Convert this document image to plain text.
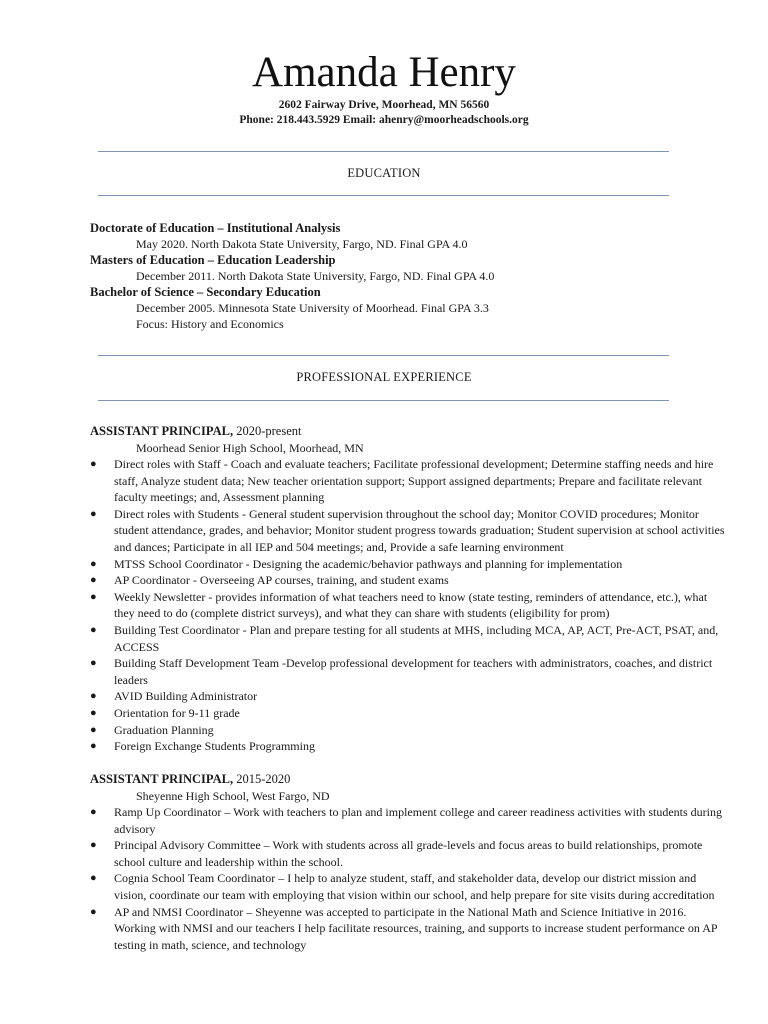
Amanda Henry
2602 Fairway Drive, Moorhead, MN 56560
Phone: 218.443.5929 Email: ahenry@moorheadschools.org
EDUCATION
Doctorate of Education – Institutional Analysis
May 2020. North Dakota State University, Fargo, ND. Final GPA 4.0
Masters of Education – Education Leadership
December 2011. North Dakota State University, Fargo, ND. Final GPA 4.0
Bachelor of Science – Secondary Education
December 2005. Minnesota State University of Moorhead. Final GPA 3.3
Focus: History and Economics
PROFESSIONAL EXPERIENCE
ASSISTANT PRINCIPAL, 2020-present
Moorhead Senior High School, Moorhead, MN
● Direct roles with Staff - Coach and evaluate teachers; Facilitate professional development; Determine staffing needs and hire staff, Analyze student data; New teacher orientation support; Support assigned departments; Prepare and facilitate relevant faculty meetings; and, Assessment planning
● Direct roles with Students - General student supervision throughout the school day; Monitor COVID procedures; Monitor student attendance, grades, and behavior; Monitor student progress towards graduation; Student supervision at school activities and dances; Participate in all IEP and 504 meetings; and, Provide a safe learning environment
● MTSS School Coordinator - Designing the academic/behavior pathways and planning for implementation
● AP Coordinator - Overseeing AP courses, training, and student exams
● Weekly Newsletter - provides information of what teachers need to know (state testing, reminders of attendance, etc.), what they need to do (complete district surveys), and what they can share with students (eligibility for prom)
● Building Test Coordinator - Plan and prepare testing for all students at MHS, including MCA, AP, ACT, Pre-ACT, PSAT, and, ACCESS
● Building Staff Development Team -Develop professional development for teachers with administrators, coaches, and district leaders
● AVID Building Administrator
● Orientation for 9-11 grade
● Graduation Planning
● Foreign Exchange Students Programming
ASSISTANT PRINCIPAL, 2015-2020
Sheyenne High School, West Fargo, ND
● Ramp Up Coordinator – Work with teachers to plan and implement college and career readiness activities with students during advisory
● Principal Advisory Committee – Work with students across all grade-levels and focus areas to build relationships, promote school culture and leadership within the school.
● Cognia School Team Coordinator – I help to analyze student, staff, and stakeholder data, develop our district mission and vision, coordinate our team with employing that vision within our school, and help prepare for site visits during accreditation
● AP and NMSI Coordinator – Sheyenne was accepted to participate in the National Math and Science Initiative in 2016. Working with NMSI and our teachers I help facilitate resources, training, and supports to increase student performance on AP testing in math, science, and technology
